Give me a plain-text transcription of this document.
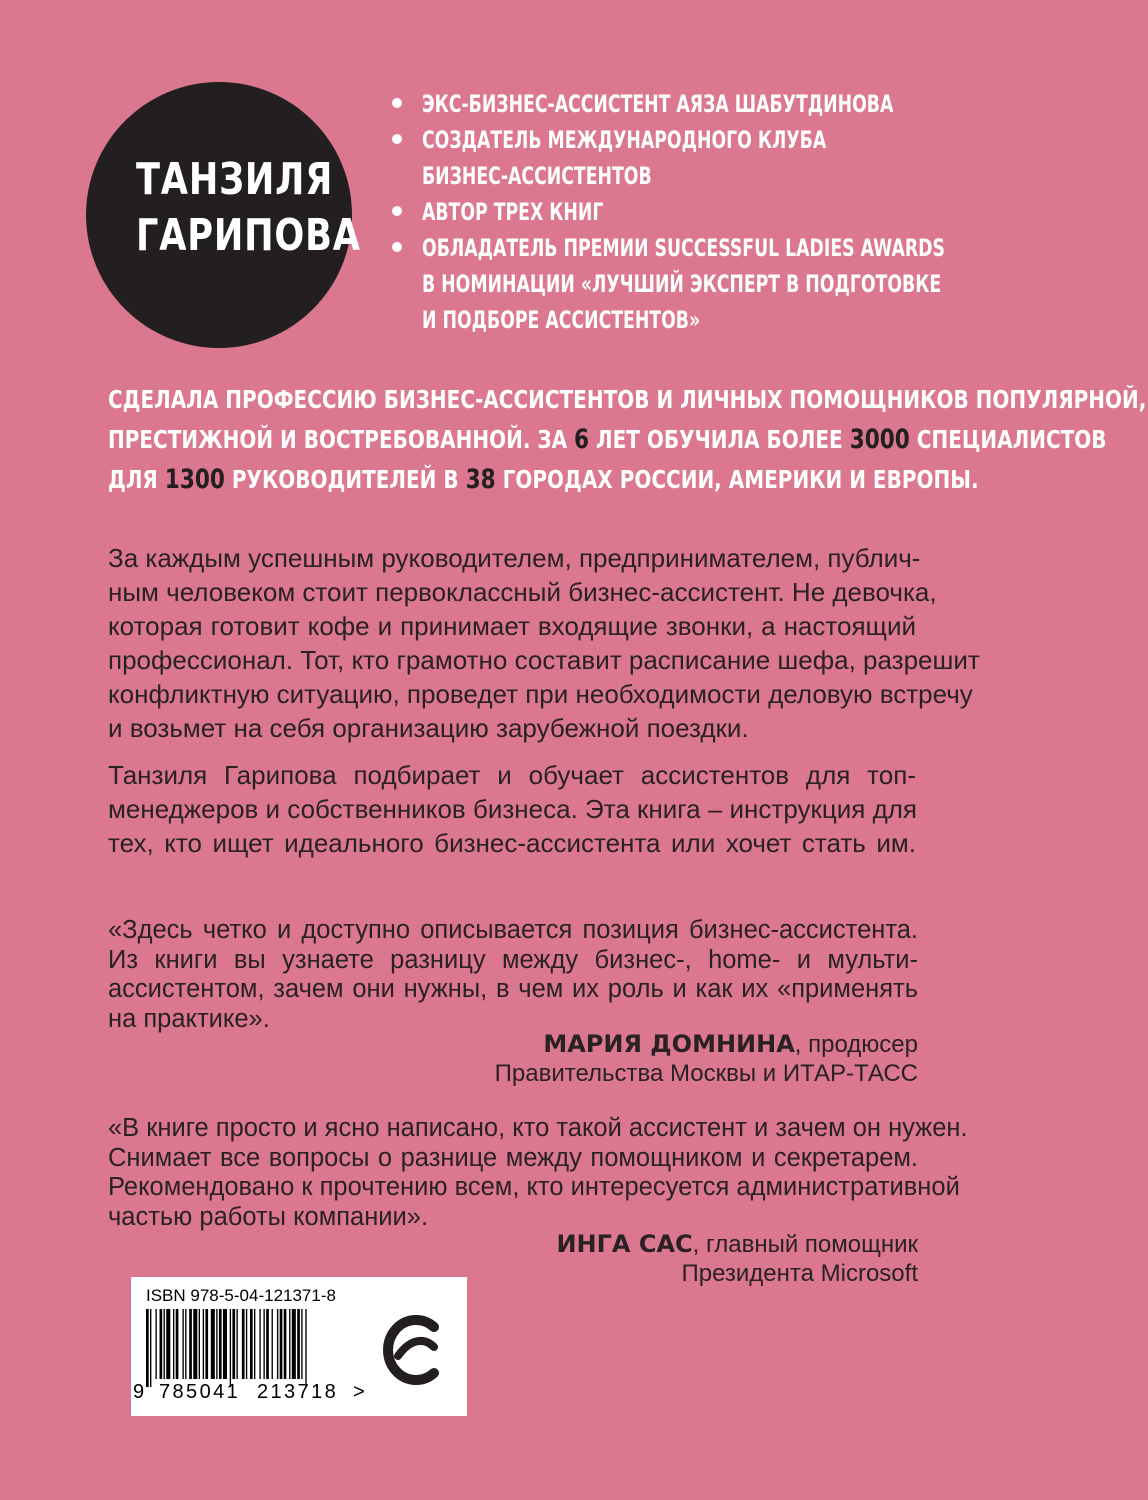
ТАНЗИЛЯ
ГАРИПОВА
ЭКС-БИЗНЕС-АССИСТЕНТ АЯЗА ШАБУТДИНОВА
СОЗДАТЕЛЬ МЕЖДУНАРОДНОГО КЛУБА
БИЗНЕС-АССИСТЕНТОВ
АВТОР ТРЕХ КНИГ
ОБЛАДАТЕЛЬ ПРЕМИИ SUCCESSFUL LADIES AWARDS
В НОМИНАЦИИ «ЛУЧШИЙ ЭКСПЕРТ В ПОДГОТОВКЕ
И ПОДБОРЕ АССИСТЕНТОВ»

СДЕЛАЛА ПРОФЕССИЮ БИЗНЕС-АССИСТЕНТОВ И ЛИЧНЫХ ПОМОЩНИКОВ ПОПУЛЯРНОЙ,
ПРЕСТИЖНОЙ И ВОСТРЕБОВАННОЙ. ЗА 6 ЛЕТ ОБУЧИЛА БОЛЕЕ 3000 СПЕЦИАЛИСТОВ
ДЛЯ 1300 РУКОВОДИТЕЛЕЙ В 38 ГОРОДАХ РОССИИ, АМЕРИКИ И ЕВРОПЫ.

За каждым успешным руководителем, предпринимателем, публич-
ным человеком стоит первоклассный бизнес-ассистент. Не девочка,
которая готовит кофе и принимает входящие звонки, а настоящий
профессионал. Тот, кто грамотно составит расписание шефа, разрешит
конфликтную ситуацию, проведет при необходимости деловую встречу
и возьмет на себя организацию зарубежной поездки.

Танзиля Гарипова подбирает и обучает ассистентов для топ-
менеджеров и собственников бизнеса. Эта книга – инструкция для
тех, кто ищет идеального бизнес-ассистента или хочет стать им.

«Здесь четко и доступно описывается позиция бизнес-ассистента.
Из книги вы узнаете разницу между бизнес-, home- и мульти-
ассистентом, зачем они нужны, в чем их роль и как их «применять
на практике».
МАРИЯ ДОМНИНА, продюсер
Правительства Москвы и ИТАР-ТАСС
«В книге просто и ясно написано, кто такой ассистент и зачем он нужен.
Снимает все вопросы о разнице между помощником и секретарем.
Рекомендовано к прочтению всем, кто интересуется административной
частью работы компании».
ИНГА САС, главный помощник
Президента Microsoft
ISBN 978-5-04-121371-8
9 785041 213718 >
